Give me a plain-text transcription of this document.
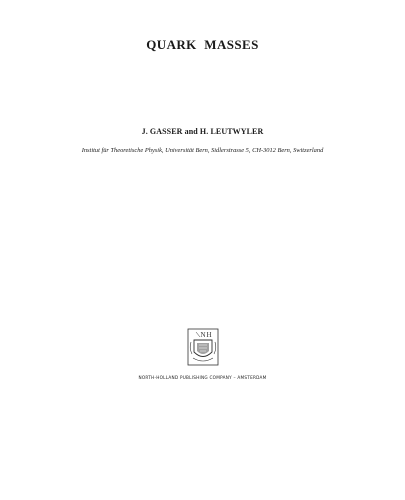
QUARK MASSES
J. GASSER and H. LEUTWYLER
Institut für Theoretische Physik, Universität Bern, Sidlerstrasse 5, CH-3012 Bern, Switzerland
N H
NORTH-HOLLAND PUBLISHING COMPANY – AMSTERDAM
